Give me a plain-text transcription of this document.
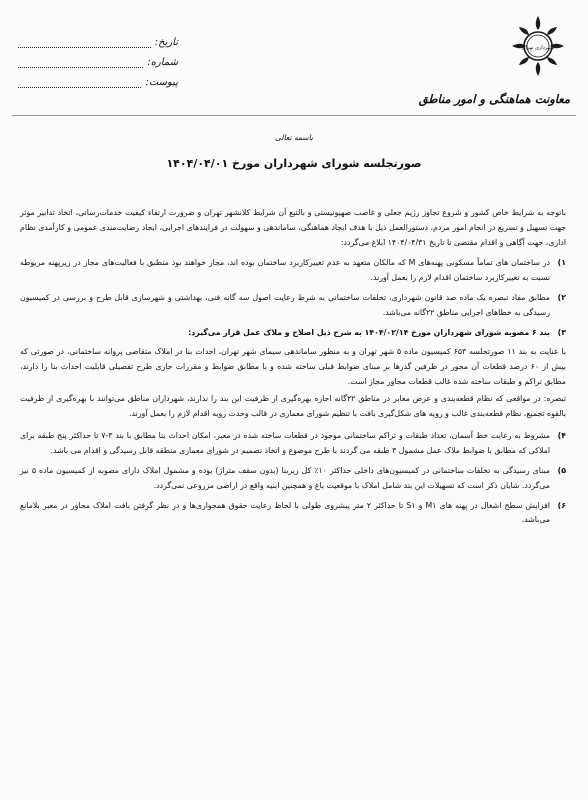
تاریخ:
شماره:
پیوست:
شهرداری تهران
معاونت هماهنگی و امور مناطق
باسمه تعالی
صورتجلسه شورای شهرداران مورخ ۱۴۰۴/۰۴/۰۱

باتوجه به شرایط خاص کشور و شروع تجاوز رژیم جعلی و غاصب صهیونیستی و بالتبع آن شرایط کلانشهر تهران و ضرورت ارتقاء کیفیت خدمات‌رسانی، اتخاذ تدابیر موثر جهت تسهیل و تسریع در انجام امور مردم، دستورالعمل ذیل با هدف ایجاد هماهنگی، ساماندهی و سهولت در فرایندهای اجرایی، ایجاد رضایت‌مندی عمومی و کارآمدی نظام اداری، جهت آگاهی و اقدام مقتضی تا تاریخ ۱۴۰۴/۰۴/۳۱ ابلاغ می‌گردد:

۱)
در ساختمان های تماماً مسکونی پهنه‌های M که مالکان متعهد به عدم تغییرکاربرد ساختمان بوده اند، مجاز خواهند بود منطبق با فعالیت‌های مجاز در زیرپهنه مربوطه نسبت به تغییرکاربرد ساختمان اقدام لازم را بعمل آورند.
۲)
مطابق مفاد تبصره یک ماده صد قانون شهرداری، تخلفات ساختمانی به شرط رعایت اصول سه گانه فنی، بهداشتی و شهرسازی قابل طرح و بررسی در کمیسیون رسیدگی به خطاهای اجرایی مناطق ۲۲گانه می‌باشد.
۳)
بند ۶ مصوبه شورای شهرداران مورخ ۱۴۰۴/۰۲/۱۴ به شرح ذیل اصلاح و ملاک عمل قرار می‌گیرد:

با عنایت به بند ۱۱ صورتجلسه ۶۵۳ کمیسیون ماده ۵ شهر تهران و به منظور ساماندهی سیمای شهر تهران، احداث بنا در املاک متقاضی پروانه ساختمانی، در صورتی که بیش از ۶۰ درصد قطعات آن محور در طرفین گذرها بر مبنای ضوابط قبلی ساخته شده و با مطابق ضوابط و مقررات جاری طرح تفصیلی قابلیت احداث بنا را دارند، مطابق تراکم و طبقات ساخته شده غالب قطعات مجاور مجاز است.

تبصره: در مواقعی که نظام قطعه‌بندی و عرض معابر در مناطق ۲۲گانه اجازه بهره‌گیری از ظرفیت این بند را ندارند، شهرداران مناطق می‌توانند با بهره‌گیری از ظرفیت بالقوه تجمیع، نظام قطعه‌بندی غالب و رویه های شکل‌گیری بافت با تنظیم شورای معماری در قالب وحدت رویه اقدام لازم را بعمل آورند.

۴)
مشروط به رعایت خط آسمان، تعداد طبقات و تراکم ساختمانی موجود در قطعات ساخته شده در معبر، امکان احداث بنا مطابق با بند ۳-۷ تا حداکثر پنج طبقه برای املاکی که مطابق با ضوابط ملاک عمل مشمول ۳ طبقه می گردند با طرح موضوع و اتخاذ تصمیم در شورای معماری منطقه قابل رسیدگی و اقدام می باشد.
۵)
مبنای رسیدگی به تخلفات ساختمانی در کمیسیون‌های داخلی حداکثر ۱۰٪ کل زیربنا (بدون سقف متراژ) بوده و مشمول املاک دارای مصوبه از کمیسیون ماده ۵ نیز می‌گردد. شایان ذکر است که تسهیلات این بند شامل املاک با موقعیت باغ و همچنین ابنیه واقع در اراضی مزروعی نمی‌گردد.
۶)
افزایش سطح اشغال در پهنه های M۱ و S۱ تا حداکثر ۲ متر پیشروی طولی با لحاظ رعایت حقوق همجواری‌ها و در نظر گرفتن بافت املاک مجاور در معبر بلامانع می‌باشد.
